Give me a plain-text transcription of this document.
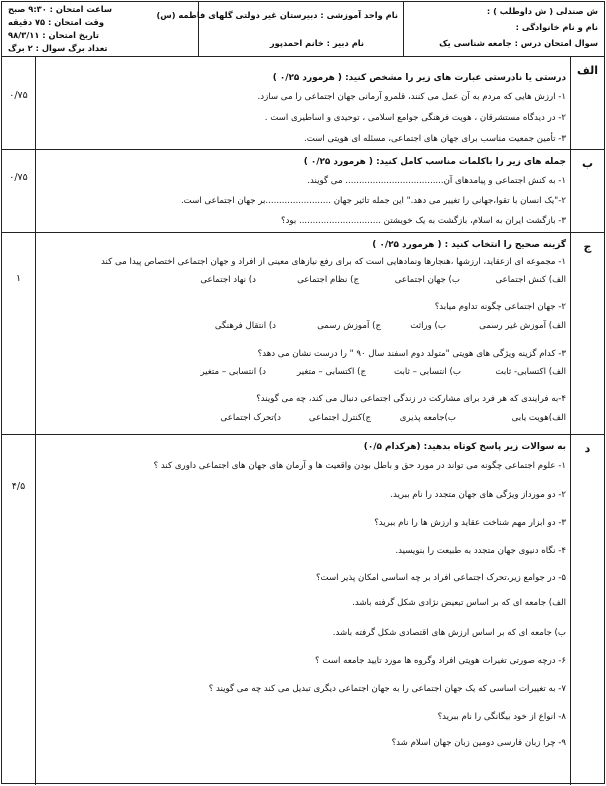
ش صندلی ( ش داوطلب ) :
نام و نام خانوادگی :
سوال امتحان درس : جامعه شناسی یک
نام واحد آموزشی : دبیرستان غیر دولتی گلهای فاطمه (س)
نام دبیر : خانم احمدپور
ساعت امتحان : ۹:۳۰ صبح
وقت امتحان : ۷۵ دقیقه
تاریخ امتحان : ۹۸/۳/۱۱
تعداد برگ سوال : ۲ برگ
الف
۰/۷۵
درستی یا نادرستی عبارت های زیر را مشخص کنید: ( هرمورد ۰/۲۵ )
۱- ارزش هایی که مردم به آن عمل می کنند، قلمرو آرمانی جهان اجتماعی را می سازد.
۲- در دیدگاه مستشرقان ، هویت فرهنگی جوامع اسلامی ، توحیدی و اساطیری است .
۳- تأمین جمعیت مناسب برای جهان های اجتماعی، مسئله ای هویتی است.
ب
۰/۷۵
جمله های زیر را باکلمات مناسب کامل کنید: ( هرمورد ۰/۲۵ )
۱- به کنش اجتماعی و پیامدهای آن.................................... می گویند.
۲-"یک انسان با تقوا،جهانی را تغییر می دهد." این جمله تاثیر جهان ........................بر جهان اجتماعی است.
۳- بازگشت ایران به اسلام، بازگشت به یک خویشتن .............................. بود؟
ج
۱
گزینه صحیح را انتخاب کنید : ( هرمورد ۰/۲۵ )
۱- مجموعه ای ازعقاید، ارزشها ،هنجارها ونمادهایی است که برای رفع نیازهای معینی از افراد و جهان اجتماعی اختصاص پیدا می کند
الف) کنش اجتماعی
ب) جهان اجتماعی
ج) نظام اجتماعی
د) نهاد اجتماعی
۲- جهان اجتماعی چگونه تداوم میابد؟
الف) آموزش غیر رسمی
ب) وراثت
ج) آموزش رسمی
د) انتقال فرهنگی
۳- کدام گزینه ویژگی های هویتی "متولد دوم اسفند سال ۹۰ " را درست نشان می دهد؟
الف) اکتسابی- ثابت
ب) انتسابی – ثابت
ج) اکتسابی – متغیر
د) انتسابی – متغیر
۴-به فرایندی که هر فرد برای مشارکت در زندگی اجتماعی دنبال می کند، چه می گویند؟
الف)هویت یابی
ب)جامعه پذیری
ج)کنترل اجتماعی
د)تحرک اجتماعی
د
۴/۵
به سوالات زیر پاسخ کوتاه بدهید: (هرکدام ۰/۵)
۱- علوم اجتماعی چگونه می تواند در مورد حق و باطل بودن واقعیت ها و آرمان های جهان های اجتماعی داوری کند ؟
۲- دو مورداز ویژگی های جهان متجدد را نام ببرید.
۳- دو ابزار مهم شناخت عقاید و ارزش ها را نام ببرید؟
۴- نگاه دنیوی جهان متجدد به طبیعت را بنویسید.
۵- در جوامع زیر،تحرک اجتماعی افراد بر چه اساسی امکان پذیر است؟
الف) جامعه ای که بر اساس تبعیض نژادی شکل گرفته باشد.
ب) جامعه ای که بر اساس ارزش های اقتصادی شکل گرفته باشد.
۶- درچه صورتی تغیرات هویتی افراد وگروه ها مورد تایید جامعه است ؟
۷- به تغییرات اساسی که یک جهان اجتماعی را به جهان اجتماعی دیگری تبدیل می کند چه می گویند ؟
۸- انواع از خود بیگانگی را نام ببرید؟
۹- چرا زبان فارسی دومین زبان جهان اسلام شد؟
